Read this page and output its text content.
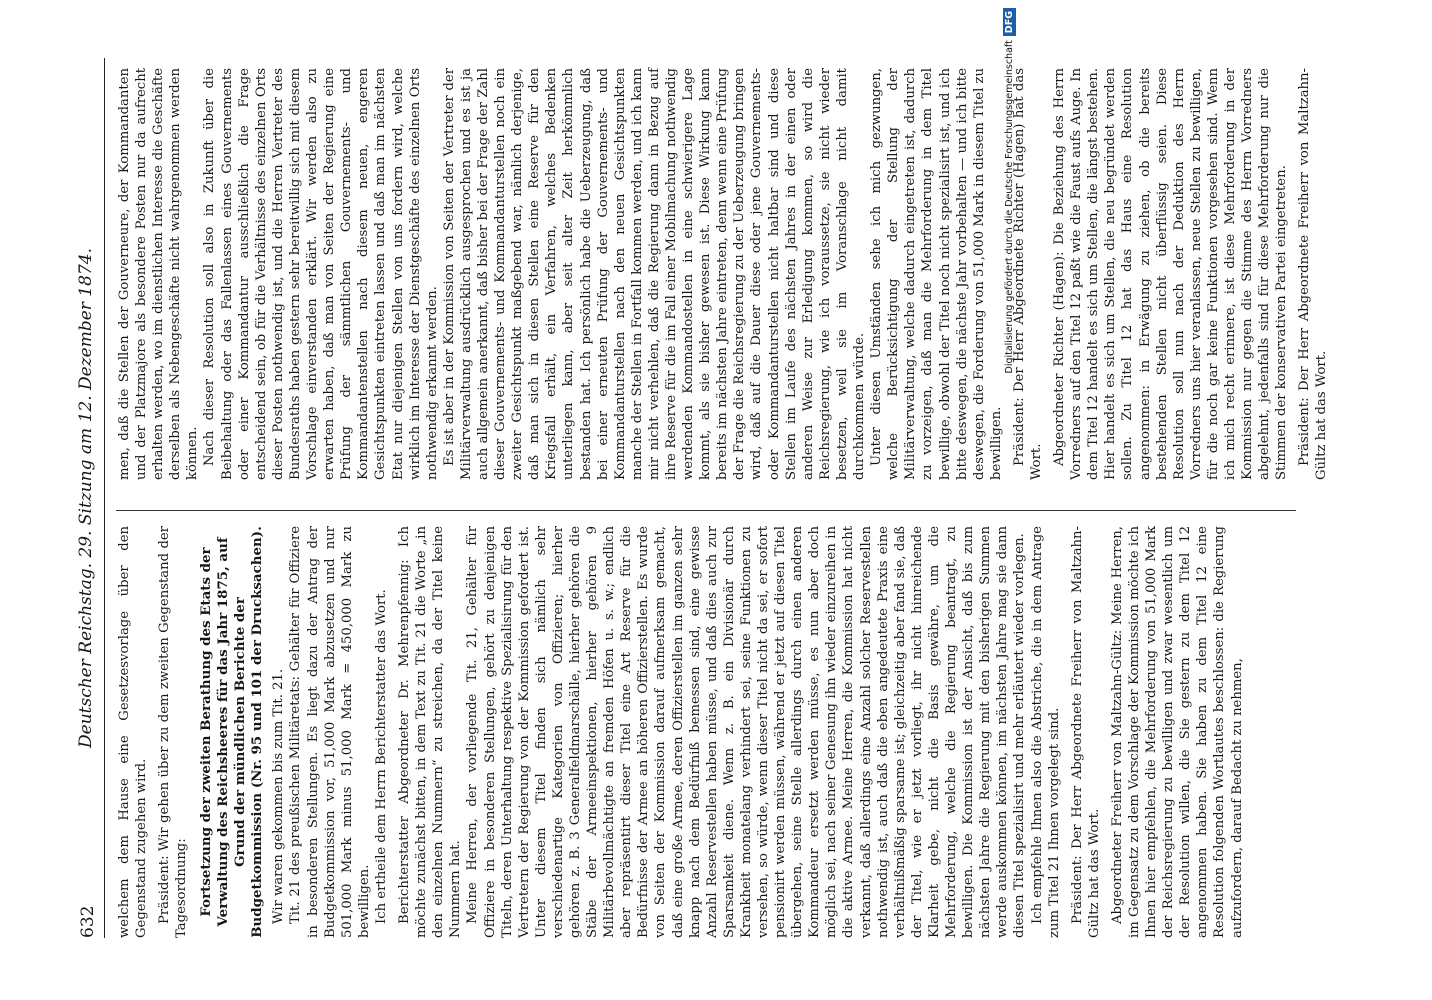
632
Deutscher Reichstag. 29. Sitzung am 12. Dezember 1874. welchem dem Hause eine Gesetzesvorlage über den Gegenstand zugehen wird. Präsident: Wir gehen über zu dem zweiten Gegenstand der Tagesordnung: Fortsetzung der zweiten Berathung des Etats der Verwaltung des Reichsheeres für das Jahr 1875, auf Grund der mündlichen Berichte der Budgetkommission (Nr. 95 und 101 der Drucksachen). Wir waren gekommen bis zum Tit. 21. Tit. 21 des preußischen Militäretats: Gehälter für Offiziere in besonderen Stellungen. Es liegt dazu der Antrag der Budgetkommission vor, 51,000 Mark abzusetzen und nur 501,000 Mark minus 51,000 Mark = 450,000 Mark zu bewilligen. Ich ertheile dem Herrn Berichterstatter das Wort. Berichterstatter Abgeordneter Dr. Mehrenpfennig: Ich möchte zunächst bitten, in dem Text zu Tit. 21 die Worte „in den einzelnen Nummern“ zu streichen, da der Titel keine Nummern hat. Meine Herren, der vorliegende Tit. 21, Gehälter für Offiziere in besonderen Stellungen, gehört zu denjenigen Titeln, deren Unterhaltung respektive Spezialisirung für den Vertretern der Regierung von der Kommission gefordert ist. Unter diesem Titel finden sich nämlich sehr verschiedenartige Kategorien von Offizieren; hierher gehören z. B. 3 Generalfeldmarschälle, hierher gehören die Stäbe der Armeeinspektionen, hierher gehören 9 Militärbevollmächtigte an fremden Höfen u. s. w.; endlich aber repräsentirt dieser Titel eine Art Reserve für die Bedürfnisse der Armee an höheren Offizierstellen. Es wurde von Seiten der Kommission darauf aufmerksam gemacht, daß eine große Armee, deren Offizierstellen im ganzen sehr knapp nach dem Bedürfniß bemessen sind, eine gewisse Anzahl Reservestellen haben müsse, und daß dies auch zur Sparsamkeit diene. Wenn z. B. ein Divisionär durch Krankheit monatelang verhindert sei, seine Funktionen zu versehen, so würde, wenn dieser Titel nicht da sei, er sofort pensionirt werden müssen, während er jetzt auf diesen Titel übergehen, seine Stelle allerdings durch einen anderen Kommandeur ersetzt werden müsse, es nun aber doch möglich sei, nach seiner Genesung ihn wieder einzureihen in die aktive Armee. Meine Herren, die Kommission hat nicht verkannt, daß allerdings eine Anzahl solcher Reservestellen nothwendig ist, auch daß die eben angedeutete Praxis eine verhältnißmäßig sparsame ist; gleichzeitig aber fand sie, daß der Titel, wie er jetzt vorliegt, ihr nicht hinreichende Klarheit gebe, nicht die Basis gewähre, um die Mehrforderung, welche die Regierung beantragt, zu bewilligen. Die Kommission ist der Ansicht, daß bis zum nächsten Jahre die Regierung mit den bisherigen Summen werde auskommen können, im nächsten Jahre mag sie dann diesen Titel spezialisirt und mehr erläutert wieder vorlegen. Ich empfehle Ihnen also die Abstriche, die in dem Antrage zum Titel 21 Ihnen vorgelegt sind. Präsident: Der Herr Abgeordnete Freiherr von Maltzahn-Gültz hat das Wort. Abgeordneter Freiherr von Maltzahn-Gültz: Meine Herren, im Gegensatz zu dem Vorschlage der Kommission möchte ich Ihnen hier empfehlen, die Mehrforderung von 51,000 Mark der Reichsregierung zu bewilligen und zwar wesentlich um der Resolution willen, die Sie gestern zu dem Titel 12 angenommen haben. Sie haben zu dem Titel 12 eine Resolution folgenden Wortlautes beschlossen: die Regierung aufzufordern, darauf Bedacht zu nehmen,

men, daß die Stellen der Gouverneure, der Kommandanten und der Platzmajore als besondere Posten nur da aufrecht erhalten werden, wo im dienstlichen Interesse die Geschäfte derselben als Nebengeschäfte nicht wahrgenommen werden können. Nach dieser Resolution soll also in Zukunft über die Beibehaltung oder das Fallenlassen eines Gouvernements oder einer Kommandantur ausschließlich die Frage entscheidend sein, ob für die Verhältnisse des einzelnen Orts dieser Posten nothwendig ist, und die Herren Vertreter des Bundesraths haben gestern sehr bereitwillig sich mit diesem Vorschlage einverstanden erklärt. Wir werden also zu erwarten haben, daß man von Seiten der Regierung eine Prüfung der sämmtlichen Gouvernements- und Kommandantenstellen nach diesem neuen, engeren Gesichtspunkten eintreten lassen und daß man im nächsten Etat nur diejenigen Stellen von uns fordern wird, welche wirklich im Interesse der Dienstgeschäfte des einzelnen Orts nothwendig erkannt werden. Es ist aber in der Kommission von Seiten der Vertreter der Militärverwaltung ausdrücklich ausgesprochen und es ist ja auch allgemein anerkannt, daß bisher bei der Frage der Zahl dieser Gouvernements- und Kommandanturstellen noch ein zweiter Gesichtspunkt maßgebend war, nämlich derjenige, daß man sich in diesen Stellen eine Reserve für den Kriegsfall erhält, ein Verfahren, welches Bedenken unterliegen kann, aber seit alter Zeit herkömmlich bestanden hat. Ich persönlich habe die Ueberzeugung, daß bei einer erneuten Prüfung der Gouvernements- und Kommandanturstellen nach den neuen Gesichtspunkten manche der Stellen in Fortfall kommen werden, und ich kann mir nicht verhehlen, daß die Regierung dann in Bezug auf ihre Reserve für die im Fall einer Mobilmachung nothwendig werdenden Kommandostellen in eine schwierigere Lage kommt, als sie bisher gewesen ist. Diese Wirkung kann bereits im nächsten Jahre eintreten, denn wenn eine Prüfung der Frage die Reichsregierung zu der Ueberzeugung bringen wird, daß auf die Dauer diese oder jene Gouvernements- oder Kommandanturstellen nicht haltbar sind und diese Stellen im Laufe des nächsten Jahres in der einen oder anderen Weise zur Erledigung kommen, so wird die Reichsregierung, wie ich voraussetze, sie nicht wieder besetzen, weil sie im Voranschlage nicht damit durchkommen würde. Unter diesen Umständen sehe ich mich gezwungen, welche Berücksichtigung der Stellung der Militärverwaltung, welche dadurch eingetreten ist, dadurch zu vorzeigen, daß man die Mehrforderung in dem Titel bewillige, obwohl der Titel noch nicht spezialisirt ist, und ich bitte deswegen, die nächste Jahr vorbehalten — und ich bitte deswegen, die Forderung von 51,000 Mark in diesem Titel zu bewilligen. Präsident: Der Herr Abgeordnete Richter (Hagen) hat das Wort. Abgeordneter Richter (Hagen): Die Beziehung des Herrn Vorredners auf den Titel 12 paßt wie die Faust aufs Auge. In dem Titel 12 handelt es sich um Stellen, die längst bestehen. Hier handelt es sich um Stellen, die neu begründet werden sollen. Zu Titel 12 hat das Haus eine Resolution angenommen: in Erwägung zu ziehen, ob die bereits bestehenden Stellen nicht überflüssig seien. Diese Resolution soll nun nach der Deduktion des Herrn Vorredners uns hier veranlassen, neue Stellen zu bewilligen, für die noch gar keine Funktionen vorgesehen sind. Wenn ich mich recht erinnere, ist diese Mehrforderung in der Kommission nur gegen die Stimme des Herrn Vorredners abgelehnt, jedenfalls sind für diese Mehrforderung nur die Stimmen der konservativen Partei eingetreten. Präsident: Der Herr Abgeordnete Freiherr von Maltzahn-Gültz hat das Wort.

Digitalisierung gefördert durch die Deutsche ForschungsgemeinschaftDFG
